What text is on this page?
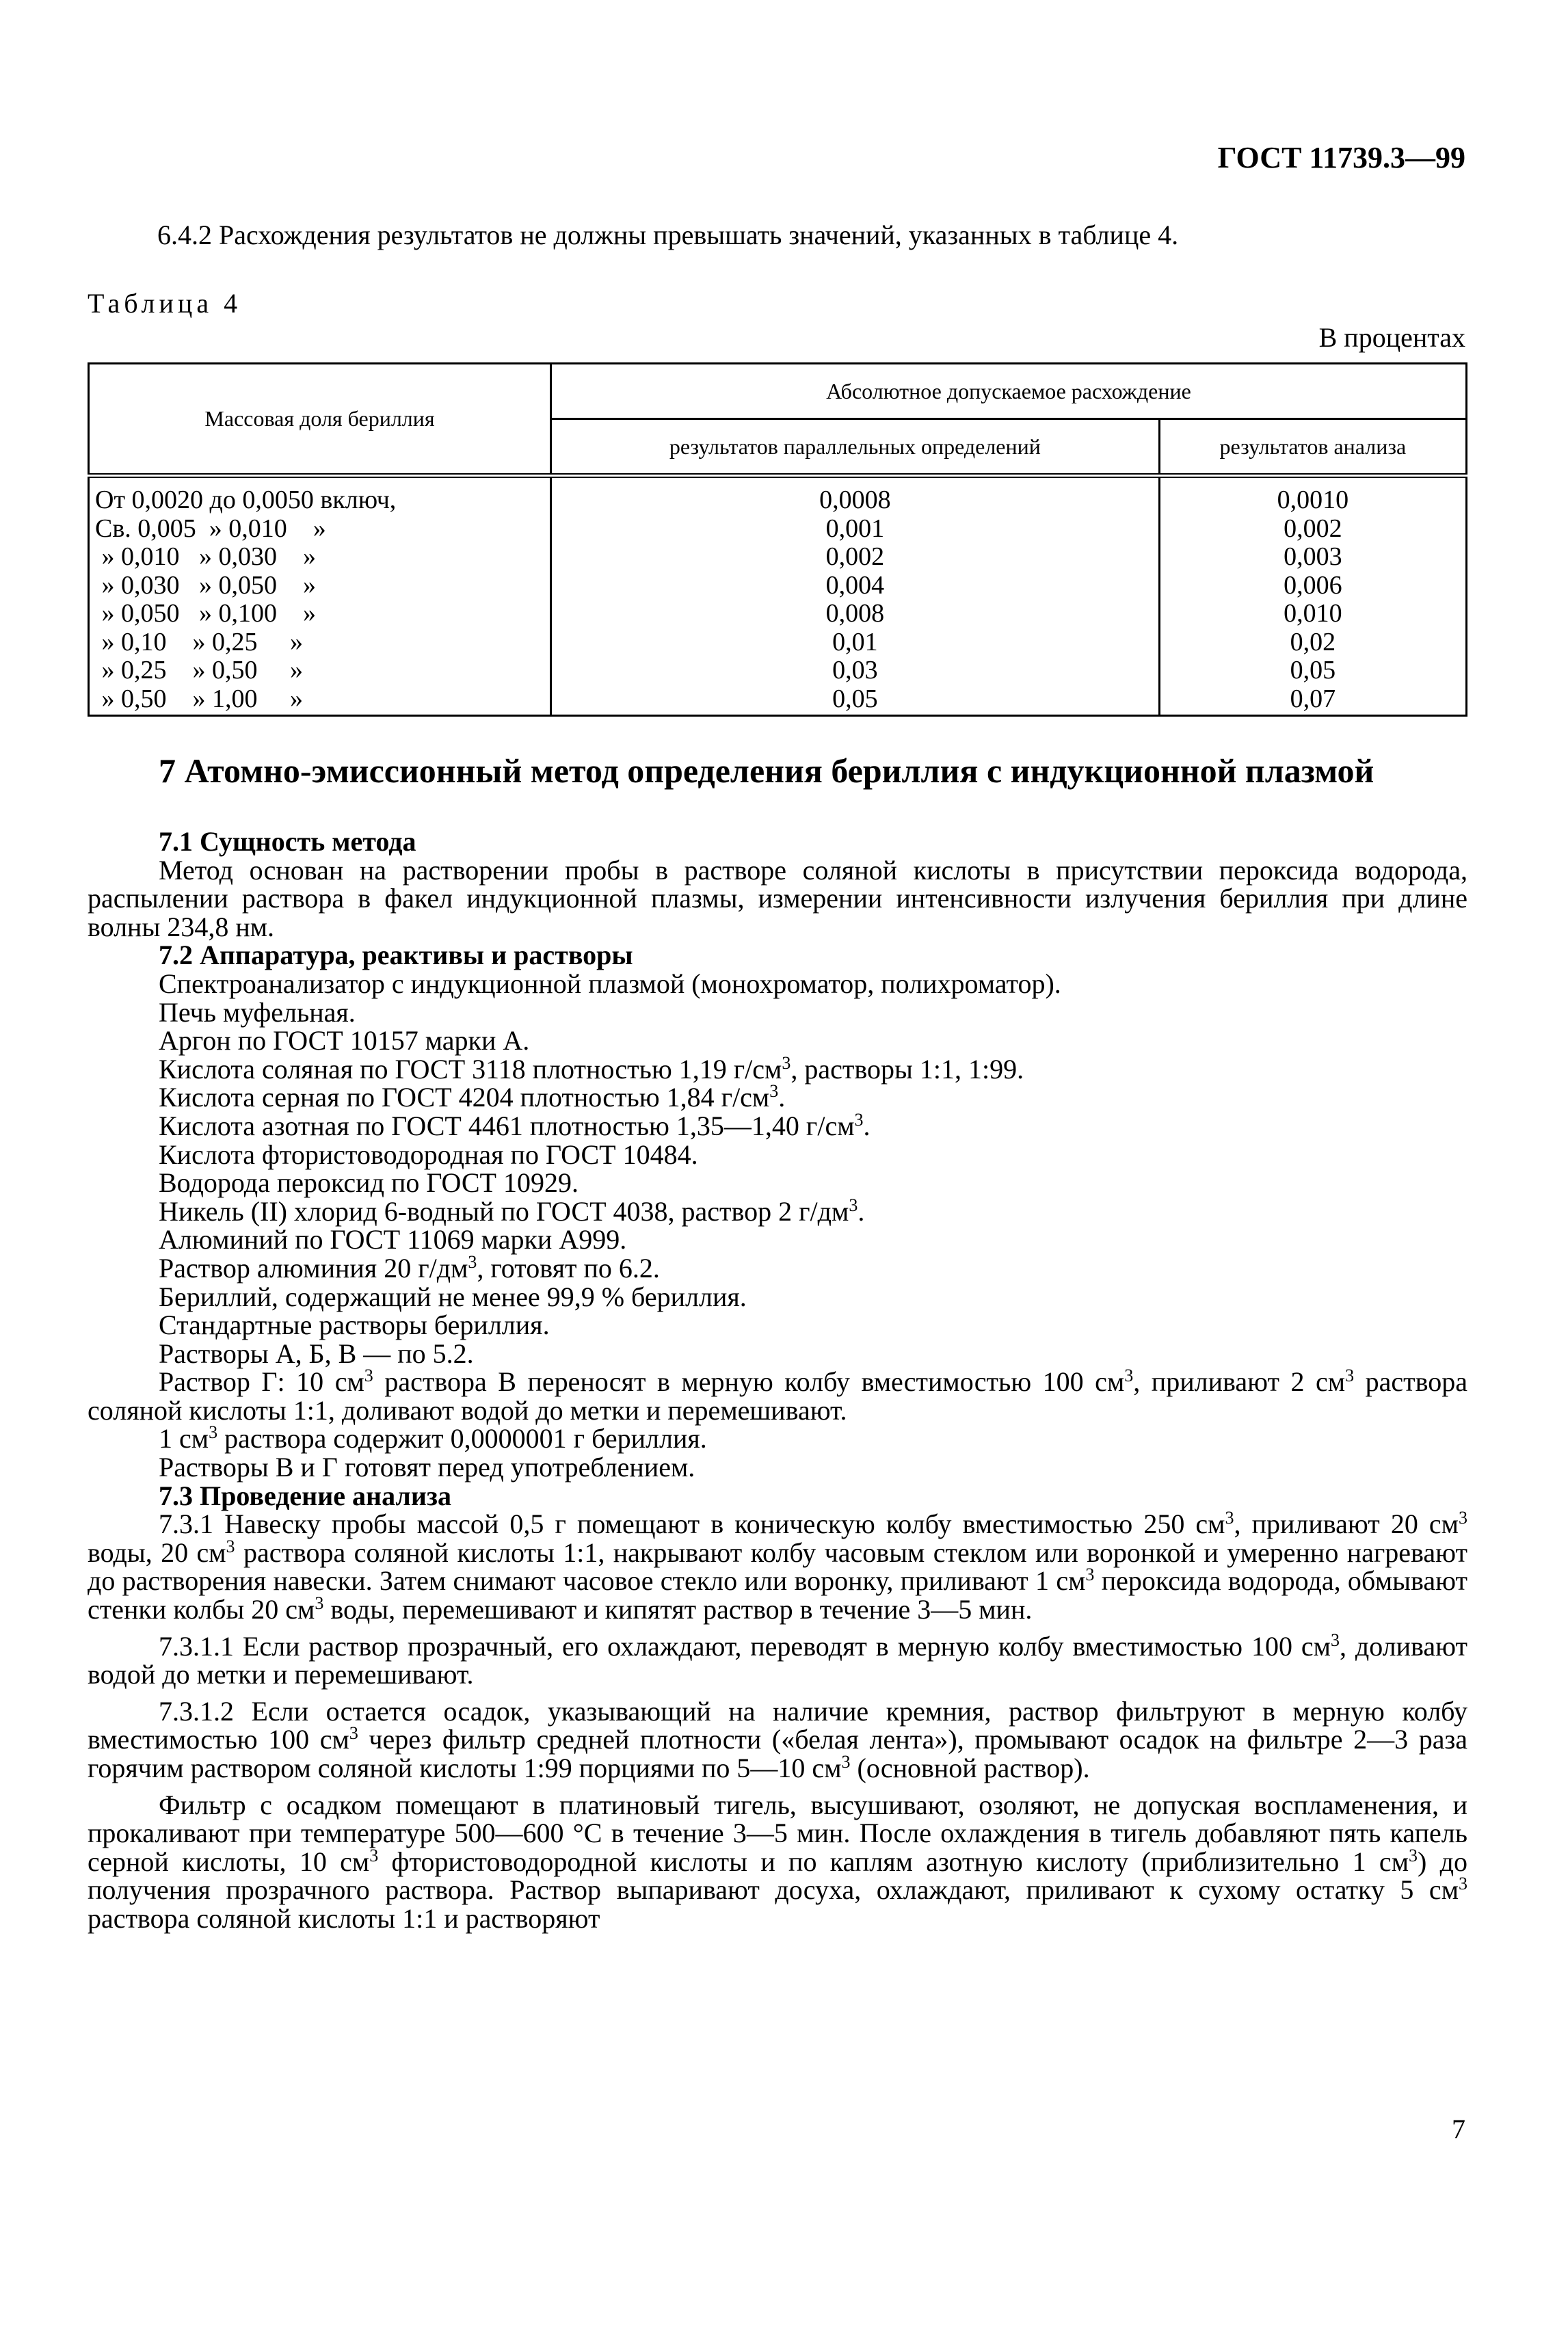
ГОСТ 11739.3—99
6.4.2 Расхождения результатов не должны превышать значений, указанных в таблице 4.
Таблица 4
В процентах
Массовая доля бериллия	Абсолютное допускаемое расхождение	
	результатов параллельных определений	результатов анализа
От 0,0020 до 0,0050 включ,	0,0008	0,0010
Св. 0,005  » 0,010    »	0,001	0,002
» 0,010   » 0,030    »	0,002	0,003
» 0,030   » 0,050    »	0,004	0,006
» 0,050   » 0,100    »	0,008	0,010
» 0,10    » 0,25     »	0,01	0,02
» 0,25    » 0,50     »	0,03	0,05
» 0,50    » 1,00     »	0,05	0,07
7 Атомно-эмиссионный метод определения бериллия с индукционной плазмой

7.1 Сущность метода

Метод основан на растворении пробы в растворе соляной кислоты в присутствии пероксида водорода, распылении раствора в факел индукционной плазмы, измерении интенсивности излучения бериллия при длине волны 234,8 нм.

7.2 Аппаратура, реактивы и растворы

Спектроанализатор с индукционной плазмой (монохроматор, полихроматор).

Печь муфельная.

Аргон по ГОСТ 10157 марки А.

Кислота соляная по ГОСТ 3118 плотностью 1,19 $г/см^3$, растворы 1:1, 1:99.

Кислота серная по ГОСТ 4204 плотностью 1,84 $г/см^3$.

Кислота азотная по ГОСТ 4461 плотностью 1,35—1,40 $г/см^3$.

Кислота фтористоводородная по ГОСТ 10484.

Водорода пероксид по ГОСТ 10929.

Никель (II) хлорид 6-водный по ГОСТ 4038, раствор 2 $г/дм^3$.

Алюминий по ГОСТ 11069 марки А999.

Раствор алюминия 20 $г/дм^3$, готовят по 6.2.

Бериллий, содержащий не менее 99,9 % бериллия.

Стандартные растворы бериллия.

Растворы А, Б, В — по 5.2.

Раствор Г: 10 $см^3$ раствора В переносят в мерную колбу вместимостью 100 $см^3$, приливают 2 $см^3$ раствора соляной кислоты 1:1, доливают водой до метки и перемешивают.

1 $см^3$ раствора содержит 0,0000001 г бериллия.

Растворы В и Г готовят перед употреблением.

7.3 Проведение анализа

7.3.1 Навеску пробы массой 0,5 г помещают в коническую колбу вместимостью 250 $см^3$, приливают 20 $см^3$ воды, 20 $см^3$ раствора соляной кислоты 1:1, накрывают колбу часовым стеклом или воронкой и умеренно нагревают до растворения навески. Затем снимают часовое стекло или воронку, приливают 1 $см^3$ пероксида водорода, обмывают стенки колбы 20 $см^3$ воды, перемешивают и кипятят раствор в течение 3—5 мин.

7.3.1.1 Если раствор прозрачный, его охлаждают, переводят в мерную колбу вместимостью 100 $см^3$, доливают водой до метки и перемешивают.

7.3.1.2 Если остается осадок, указывающий на наличие кремния, раствор фильтруют в мерную колбу вместимостью 100 $см^3$ через фильтр средней плотности («белая лента»), промывают осадок на фильтре 2—3 раза горячим раствором соляной кислоты 1:99 порциями по 5—10 $см^3$ (основной раствор).

Фильтр с осадком помещают в платиновый тигель, высушивают, озоляют, не допуская воспламенения, и прокаливают при температуре 500—600 °С в течение 3—5 мин. После охлаждения в тигель добавляют пять капель серной кислоты, 10 $см^3$ фтористоводородной кислоты и по каплям азотную кислоту (приблизительно 1 $см^3$) до получения прозрачного раствора. Раствор выпаривают досуха, охлаждают, приливают к сухому остатку 5 $см^3$ раствора соляной кислоты 1:1 и растворяют

7
